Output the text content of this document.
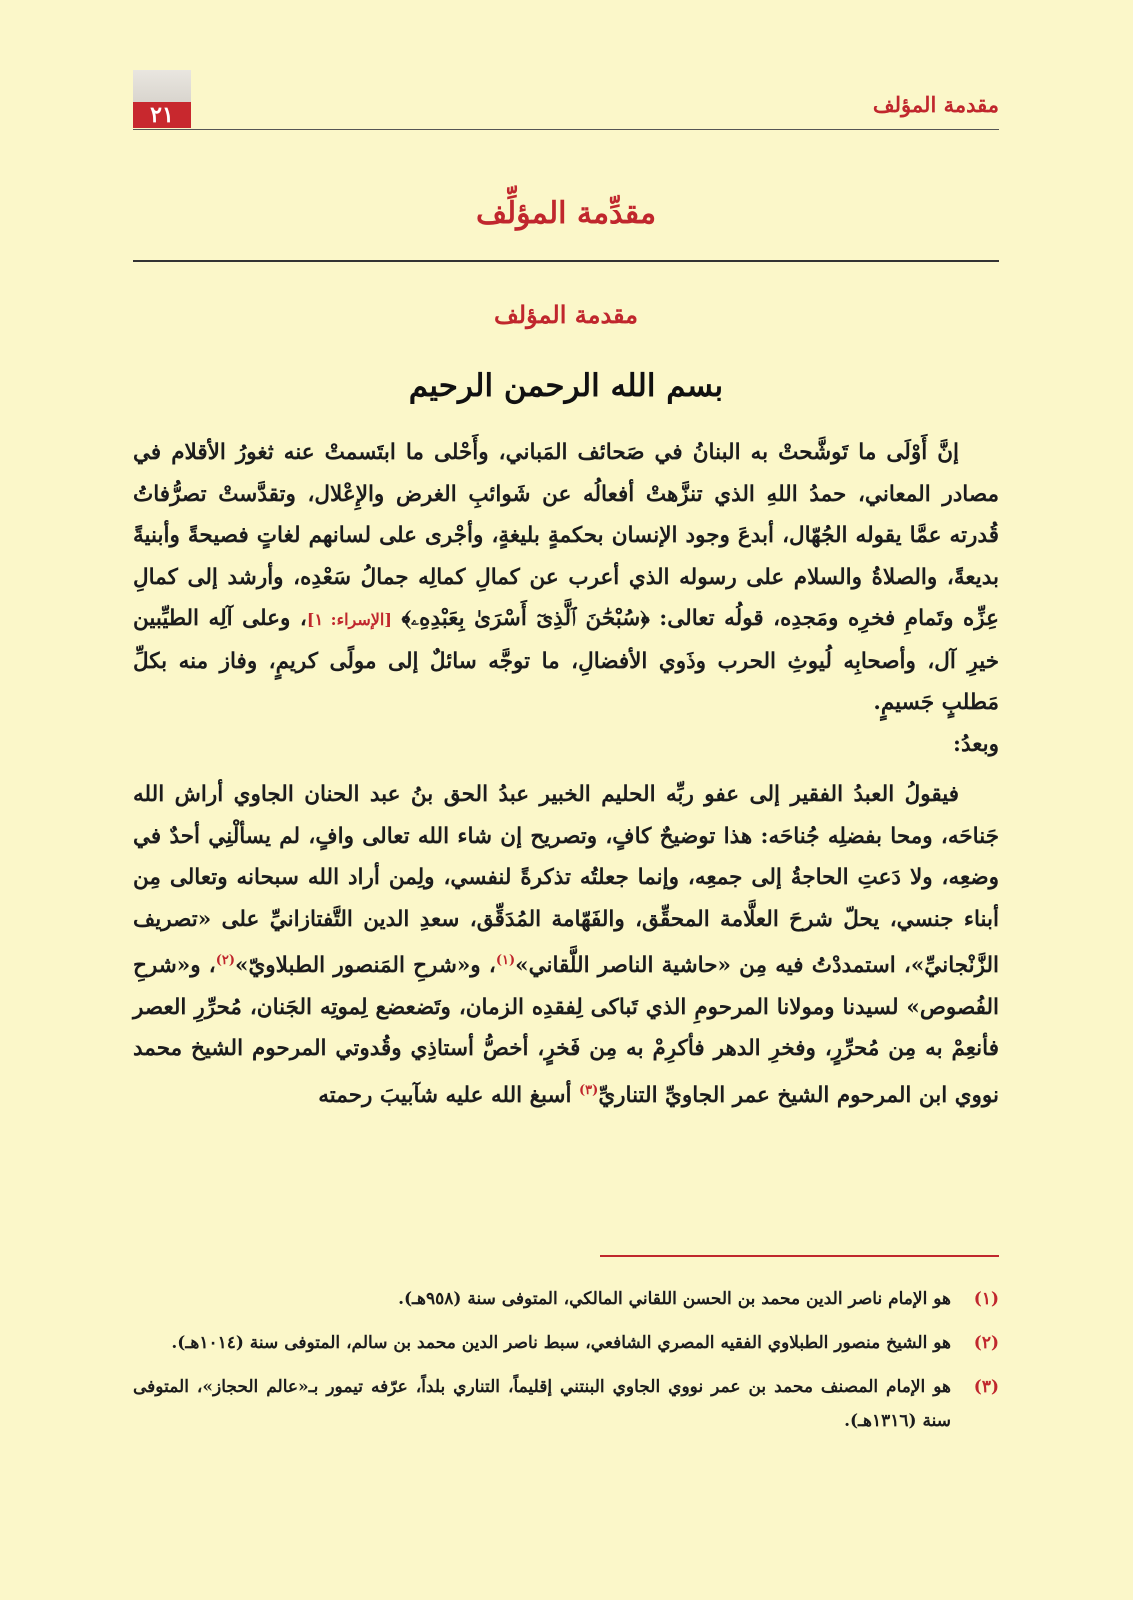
٢١	مقدمة المؤلف
مقدِّمة المؤلِّف
مقدمة المؤلف
بسم الله الرحمن الرحيم

إنَّ أَوْلَى ما تَوشَّحتْ به البنانُ في صَحائف المَباني، وأَحْلى ما ابتَسمتْ عنه ثغورُ الأقلام في مصادر المعاني، حمدُ اللهِ الذي تنزَّهتْ أفعالُه عن شَوائبِ الغرض والإِعْلال، وتقدَّستْ تصرُّفاتُ قُدرته عمَّا يقوله الجُهّال، أبدعَ وجود الإنسان بحكمةٍ بليغةٍ، وأجْرى على لسانهم لغاتٍ فصيحةً وأبنيةً بديعةً، والصلاةُ والسلام على رسوله الذي أعرب عن كمالِ كمالِه جمالُ سَعْدِه، وأرشد إلى كمالِ عِزِّه وتَمامِ فخرِه ومَجدِه، قولُه تعالى: ﴿سُبْحَٰنَ ٱلَّذِىٓ أَسْرَىٰ بِعَبْدِهِۦ﴾ [الإسراء: ١]، وعلى آلِه الطيِّبين خيرِ آل، وأصحابِه لُيوثِ الحرب وذَوي الأفضالِ، ما توجَّه سائلٌ إلى مولًى كريمٍ، وفاز منه بكلِّ مَطلبٍ جَسيمٍ.

وبعدُ:

فيقولُ العبدُ الفقير إلى عفو ربِّه الحليم الخبير عبدُ الحق بنُ عبد الحنان الجاوي أراش الله جَناحَه، ومحا بفضلِه جُناحَه: هذا توضيحٌ كافٍ، وتصريح إن شاء الله تعالى وافٍ، لم يسألْنِي أحدٌ في وضعِه، ولا دَعتِ الحاجةُ إلى جمعِه، وإنما جعلتُه تذكرةً لنفسي، ولِمن أراد الله سبحانه وتعالى مِن أبناء جنسي، يحلّ شرحَ العلَّامة المحقِّق، والفَهّامة المُدَقِّق، سعدِ الدين التَّفتازانيِّ على «تصريف الزَّنْجانيِّ»، استمددْتُ فيه مِن «حاشية الناصر اللَّقاني»$^{(١)}$، و«شرحِ المَنصور الطبلاويّ»$^{(٢)}$، و«شرحِ الفُصوص» لسيدنا ومولانا المرحومِ الذي تَباكى لِفقدِه الزمان، وتَضعضع لِموتِه الجَنان، مُحرِّرِ العصر فأنعِمْ به مِن مُحرِّرٍ، وفخرِ الدهر فأكرِمْ به مِن فَخرٍ، أخصُّ أستاذِي وقُدوتي المرحوم الشيخ محمد نووي ابن المرحوم الشيخ عمر الجاويِّ التناريِّ$^{(٣)}$ أسبغ الله عليه شآبيبَ رحمته

(١)
هو الإمام ناصر الدين محمد بن الحسن اللقاني المالكي، المتوفى سنة (٩٥٨هـ).
(٢)
هو الشيخ منصور الطبلاوي الفقيه المصري الشافعي، سبط ناصر الدين محمد بن سالم، المتوفى سنة (١٠١٤هـ).
(٣)
هو الإمام المصنف محمد بن عمر نووي الجاوي البنتني إقليماً، التناري بلداً، عرّفه تيمور بـ«عالم الحجاز»، المتوفى سنة (١٣١٦هـ).
